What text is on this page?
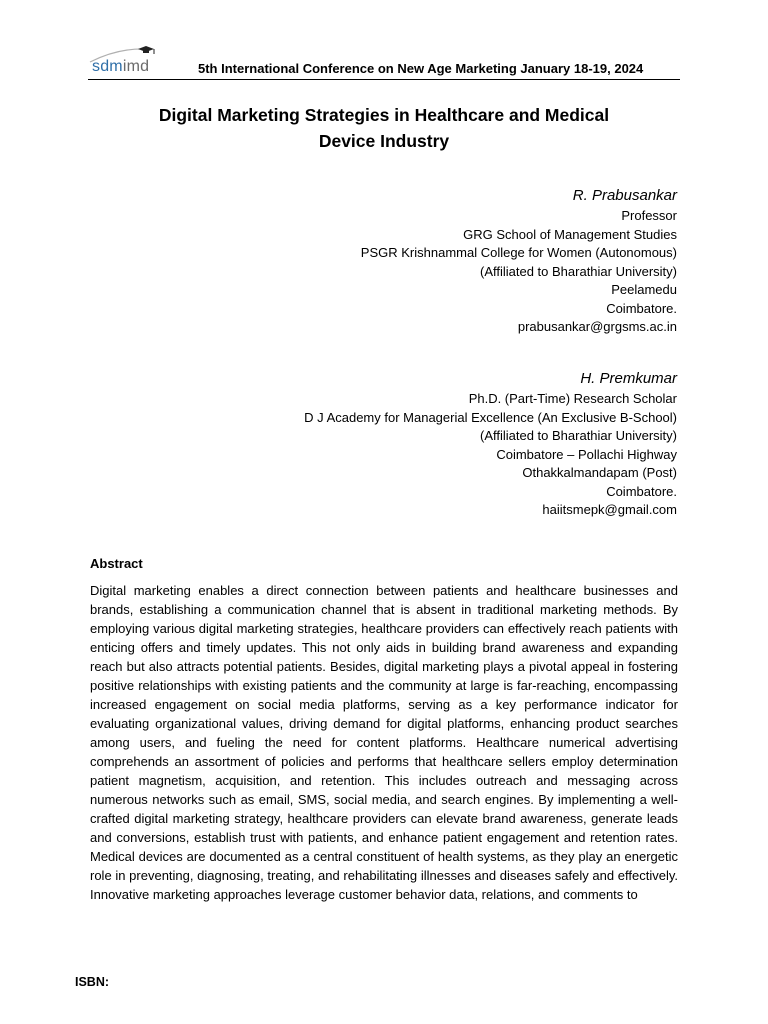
sdmimd	5th International Conference on New Age Marketing January 18-19, 2024
Digital Marketing Strategies in Healthcare and Medical
Device Industry
R. Prabusankar
Professor
GRG School of Management Studies
PSGR Krishnammal College for Women (Autonomous)
(Affiliated to Bharathiar University)
Peelamedu
Coimbatore.
prabusankar@grgsms.ac.in
H. Premkumar
Ph.D. (Part-Time) Research Scholar
D J Academy for Managerial Excellence (An Exclusive B-School)
(Affiliated to Bharathiar University)
Coimbatore – Pollachi Highway
Othakkalmandapam (Post)
Coimbatore.
haiitsmepk@gmail.com
Abstract
Digital marketing enables a direct connection between patients and healthcare businesses and brands, establishing a communication channel that is absent in traditional marketing methods. By employing various digital marketing strategies, healthcare providers can effectively reach patients with enticing offers and timely updates. This not only aids in building brand awareness and expanding reach but also attracts potential patients. Besides, digital marketing plays a pivotal appeal in fostering positive relationships with existing patients and the community at large is far-reaching, encompassing increased engagement on social media platforms, serving as a key performance indicator for evaluating organizational values, driving demand for digital platforms, enhancing product searches among users, and fueling the need for content platforms. Healthcare numerical advertising comprehends an assortment of policies and performs that healthcare sellers employ determination patient magnetism, acquisition, and retention. This includes outreach and messaging across numerous networks such as email, SMS, social media, and search engines. By implementing a well-crafted digital marketing strategy, healthcare providers can elevate brand awareness, generate leads and conversions, establish trust with patients, and enhance patient engagement and retention rates. Medical devices are documented as a central constituent of health systems, as they play an energetic role in preventing, diagnosing, treating, and rehabilitating illnesses and diseases safely and effectively. Innovative marketing approaches leverage customer behavior data, relations, and comments to
ISBN:
